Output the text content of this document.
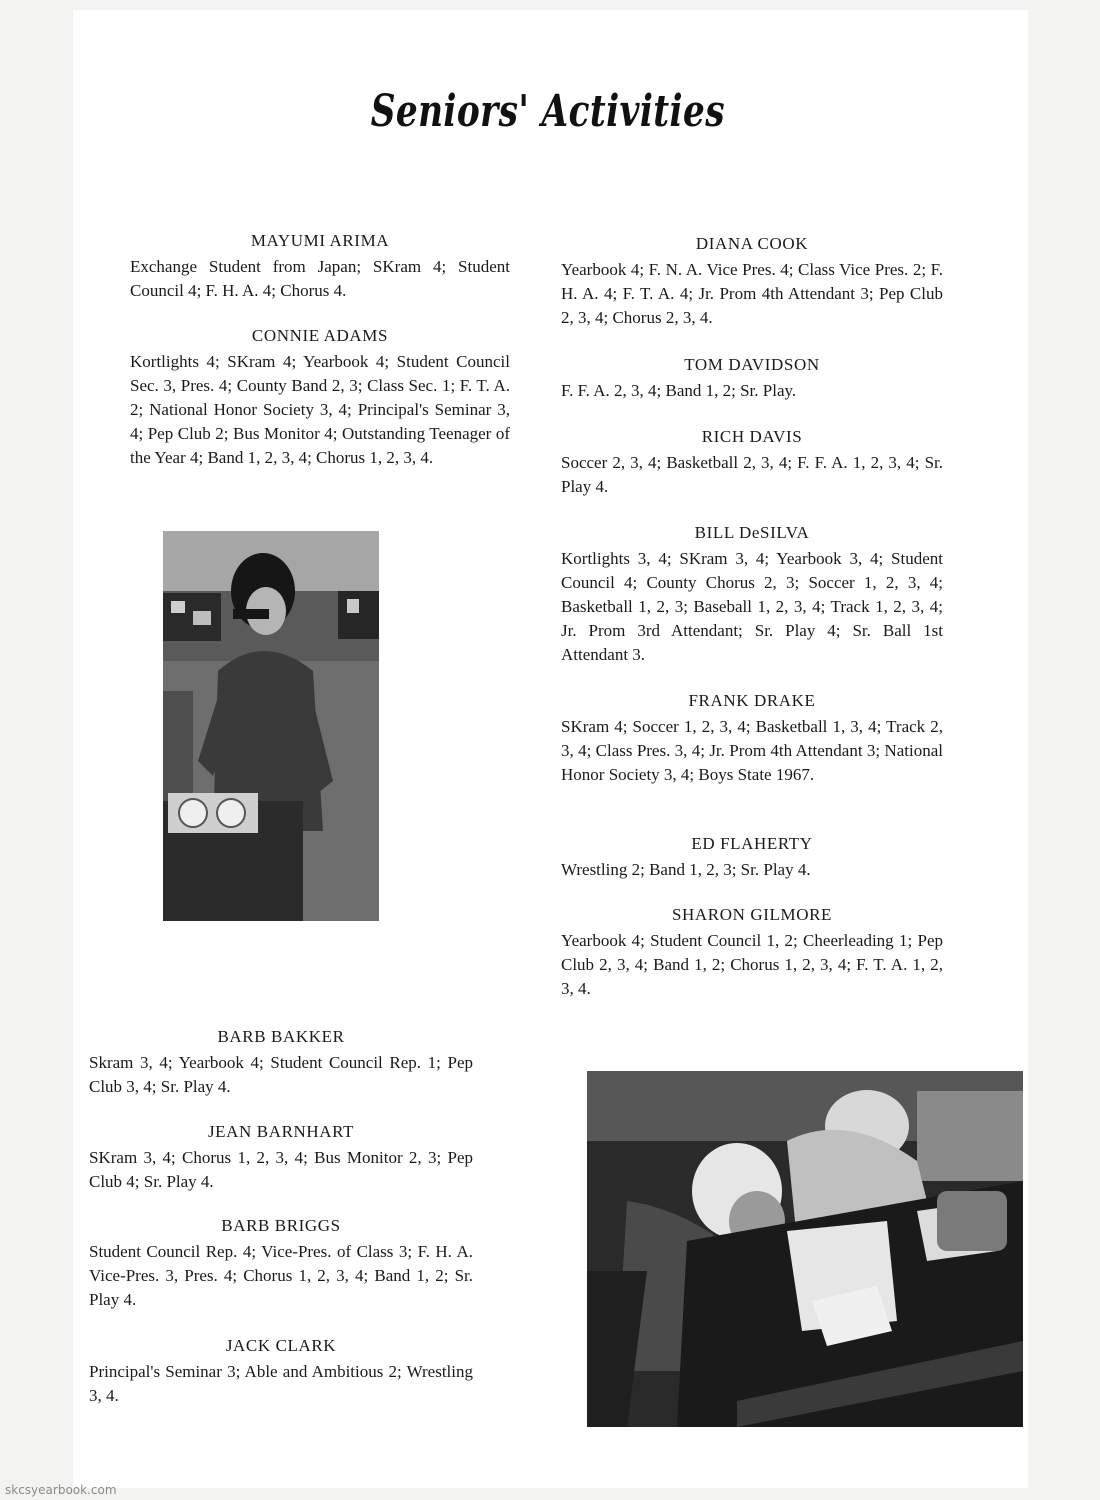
Seniors' Activities
MAYUMI ARIMA
Exchange Student from Japan; SKram 4; Student Council 4; F. H. A. 4; Chorus 4.
CONNIE ADAMS
Kortlights 4; SKram 4; Yearbook 4; Student Council Sec. 3, Pres. 4; County Band 2, 3; Class Sec. 1; F. T. A. 2; National Honor Society 3, 4; Principal's Seminar 3, 4; Pep Club 2; Bus Monitor 4; Outstanding Teenager of the Year 4; Band 1, 2, 3, 4; Chorus 1, 2, 3, 4.
DIANA COOK
Yearbook 4; F. N. A. Vice Pres. 4; Class Vice Pres. 2; F. H. A. 4; F. T. A. 4; Jr. Prom 4th Attendant 3; Pep Club 2, 3, 4; Chorus 2, 3, 4.
TOM DAVIDSON
F. F. A. 2, 3, 4; Band 1, 2; Sr. Play.
RICH DAVIS
Soccer 2, 3, 4; Basketball 2, 3, 4; F. F. A. 1, 2, 3, 4; Sr. Play 4.
BILL DeSILVA
Kortlights 3, 4; SKram 3, 4; Yearbook 3, 4; Student Council 4; County Chorus 2, 3; Soccer 1, 2, 3, 4; Basketball 1, 2, 3; Baseball 1, 2, 3, 4; Track 1, 2, 3, 4; Jr. Prom 3rd Attendant; Sr. Play 4; Sr. Ball 1st Attendant 3.
FRANK DRAKE
SKram 4; Soccer 1, 2, 3, 4; Basketball 1, 3, 4; Track 2, 3, 4; Class Pres. 3, 4; Jr. Prom 4th Attendant 3; National Honor Society 3, 4; Boys State 1967.
ED FLAHERTY
Wrestling 2; Band 1, 2, 3; Sr. Play 4.
SHARON GILMORE
Yearbook 4; Student Council 1, 2; Cheerleading 1; Pep Club 2, 3, 4; Band 1, 2; Chorus 1, 2, 3, 4; F. T. A. 1, 2, 3, 4.
BARB BAKKER
Skram 3, 4; Yearbook 4; Student Council Rep. 1; Pep Club 3, 4; Sr. Play 4.
JEAN BARNHART
SKram 3, 4; Chorus 1, 2, 3, 4; Bus Monitor 2, 3; Pep Club 4; Sr. Play 4.
BARB BRIGGS
Student Council Rep. 4; Vice-Pres. of Class 3; F. H. A. Vice-Pres. 3, Pres. 4; Chorus 1, 2, 3, 4; Band 1, 2; Sr. Play 4.
JACK CLARK
Principal's Seminar 3; Able and Ambitious 2; Wrestling 3, 4.
skcsyearbook.com
